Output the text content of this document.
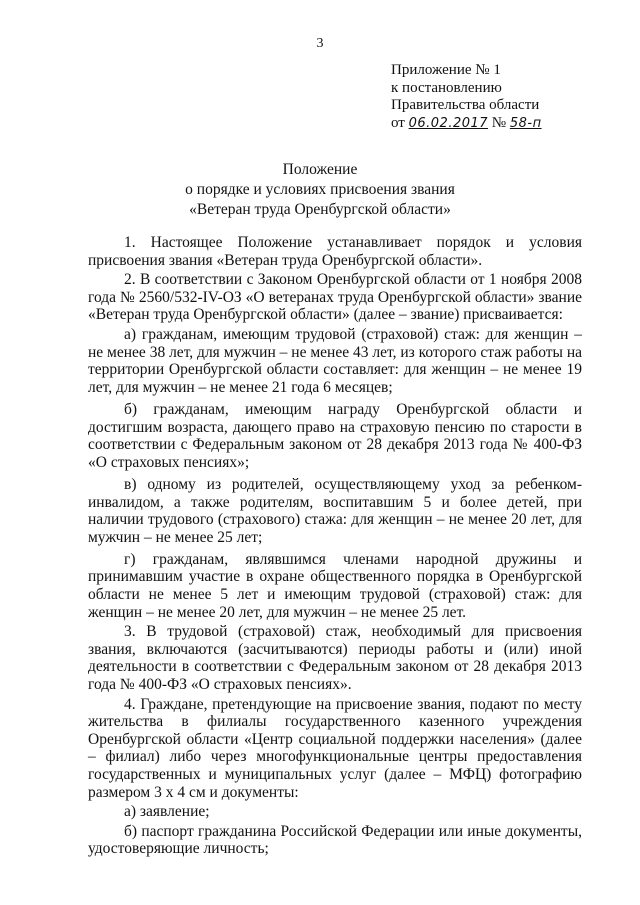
3
Приложение № 1
к постановлению
Правительства области
от 06.02.2017 № 58-п
Положение
о порядке и условиях присвоения звания
«Ветеран труда Оренбургской области»

1. Настоящее Положение устанавливает порядок и условия присвоения звания «Ветеран труда Оренбургской области».

2. В соответствии с Законом Оренбургской области от 1 ноября 2008 года № 2560/532-IV-ОЗ «О ветеранах труда Оренбургской области» звание «Ветеран труда Оренбургской области» (далее – звание) присваивается:

а) гражданам, имеющим трудовой (страховой) стаж: для женщин – не менее 38 лет, для мужчин – не менее 43 лет, из которого стаж работы на территории Оренбургской области составляет: для женщин – не менее 19 лет, для мужчин – не менее 21 года 6 месяцев;

б) гражданам, имеющим награду Оренбургской области и достигшим возраста, дающего право на страховую пенсию по старости в соответствии с Федеральным законом от 28 декабря 2013 года № 400-ФЗ «О страховых пенсиях»;

в) одному из родителей, осуществляющему уход за ребенком-инвалидом, а также родителям, воспитавшим 5 и более детей, при наличии трудового (страхового) стажа: для женщин – не менее 20 лет, для мужчин – не менее 25 лет;

г) гражданам, являвшимся членами народной дружины и принимавшим участие в охране общественного порядка в Оренбургской области не менее 5 лет и имеющим трудовой (страховой) стаж: для женщин – не менее 20 лет, для мужчин – не менее 25 лет.

3. В трудовой (страховой) стаж, необходимый для присвоения звания, включаются (засчитываются) периоды работы и (или) иной деятельности в соответствии с Федеральным законом от 28 декабря 2013 года № 400-ФЗ «О страховых пенсиях».

4. Граждане, претендующие на присвоение звания, подают по месту жительства в филиалы государственного казенного учреждения Оренбургской области «Центр социальной поддержки населения» (далее – филиал) либо через многофункциональные центры предоставления государственных и муниципальных услуг (далее – МФЦ) фотографию размером 3 х 4 см и документы:

а) заявление;

б) паспорт гражданина Российской Федерации или иные документы, удостоверяющие личность;
